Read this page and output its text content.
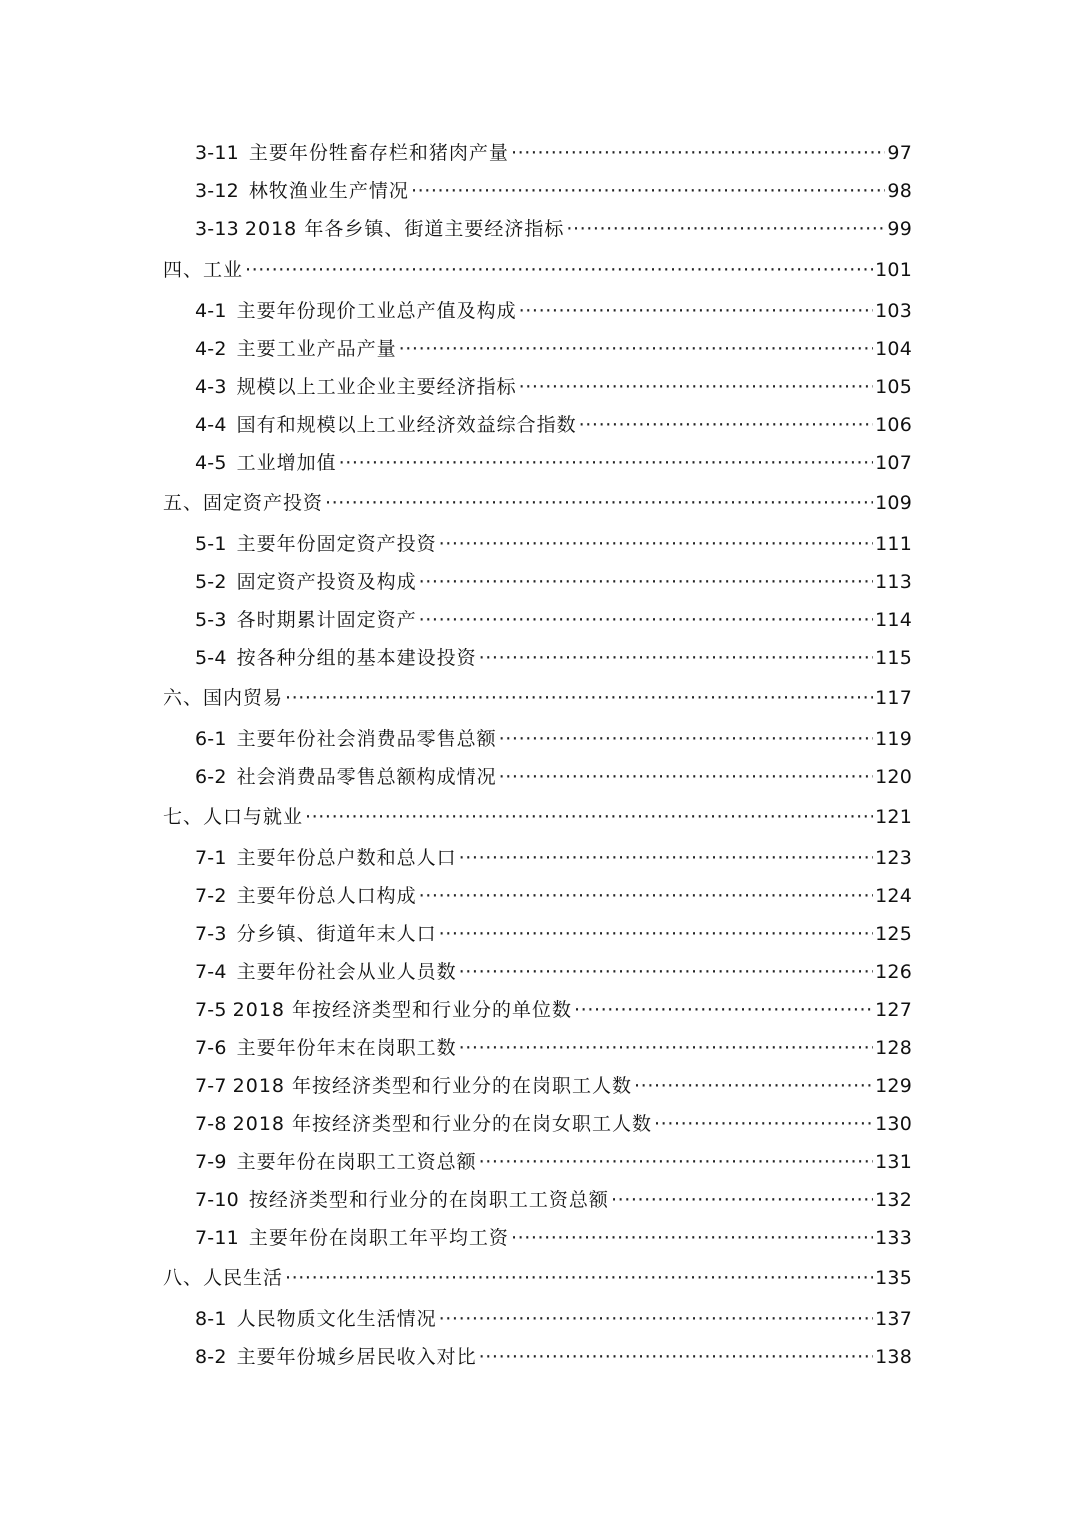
3-11 主要年份牲畜存栏和猪肉产量 ·····	97
3-12 林牧渔业生产情况 ·····	98
3-13 2018 年各乡镇、街道主要经济指标 ·····	99
四、工业 ·····	101
4-1 主要年份现价工业总产值及构成 ·····	103
4-2 主要工业产品产量 ·····	104
4-3 规模以上工业企业主要经济指标 ·····	105
4-4 国有和规模以上工业经济效益综合指数 ·····	106
4-5 工业增加值 ·····	107
五、固定资产投资 ·····	109
5-1 主要年份固定资产投资 ·····	111
5-2 固定资产投资及构成 ·····	113
5-3 各时期累计固定资产 ·····	114
5-4 按各种分组的基本建设投资 ·····	115
六、国内贸易 ·····	117
6-1 主要年份社会消费品零售总额 ·····	119
6-2 社会消费品零售总额构成情况 ·····	120
七、人口与就业 ·····	121
7-1 主要年份总户数和总人口 ·····	123
7-2 主要年份总人口构成 ·····	124
7-3 分乡镇、街道年末人口 ·····	125
7-4 主要年份社会从业人员数 ·····	126
7-5 2018 年按经济类型和行业分的单位数 ·····	127
7-6 主要年份年末在岗职工数 ·····	128
7-7 2018 年按经济类型和行业分的在岗职工人数 ·····	129
7-8 2018 年按经济类型和行业分的在岗女职工人数 ·····	130
7-9 主要年份在岗职工工资总额 ·····	131
7-10 按经济类型和行业分的在岗职工工资总额 ·····	132
7-11 主要年份在岗职工年平均工资 ·····	133
八、人民生活 ·····	135
8-1 人民物质文化生活情况 ·····	137
8-2 主要年份城乡居民收入对比 ·····	138
